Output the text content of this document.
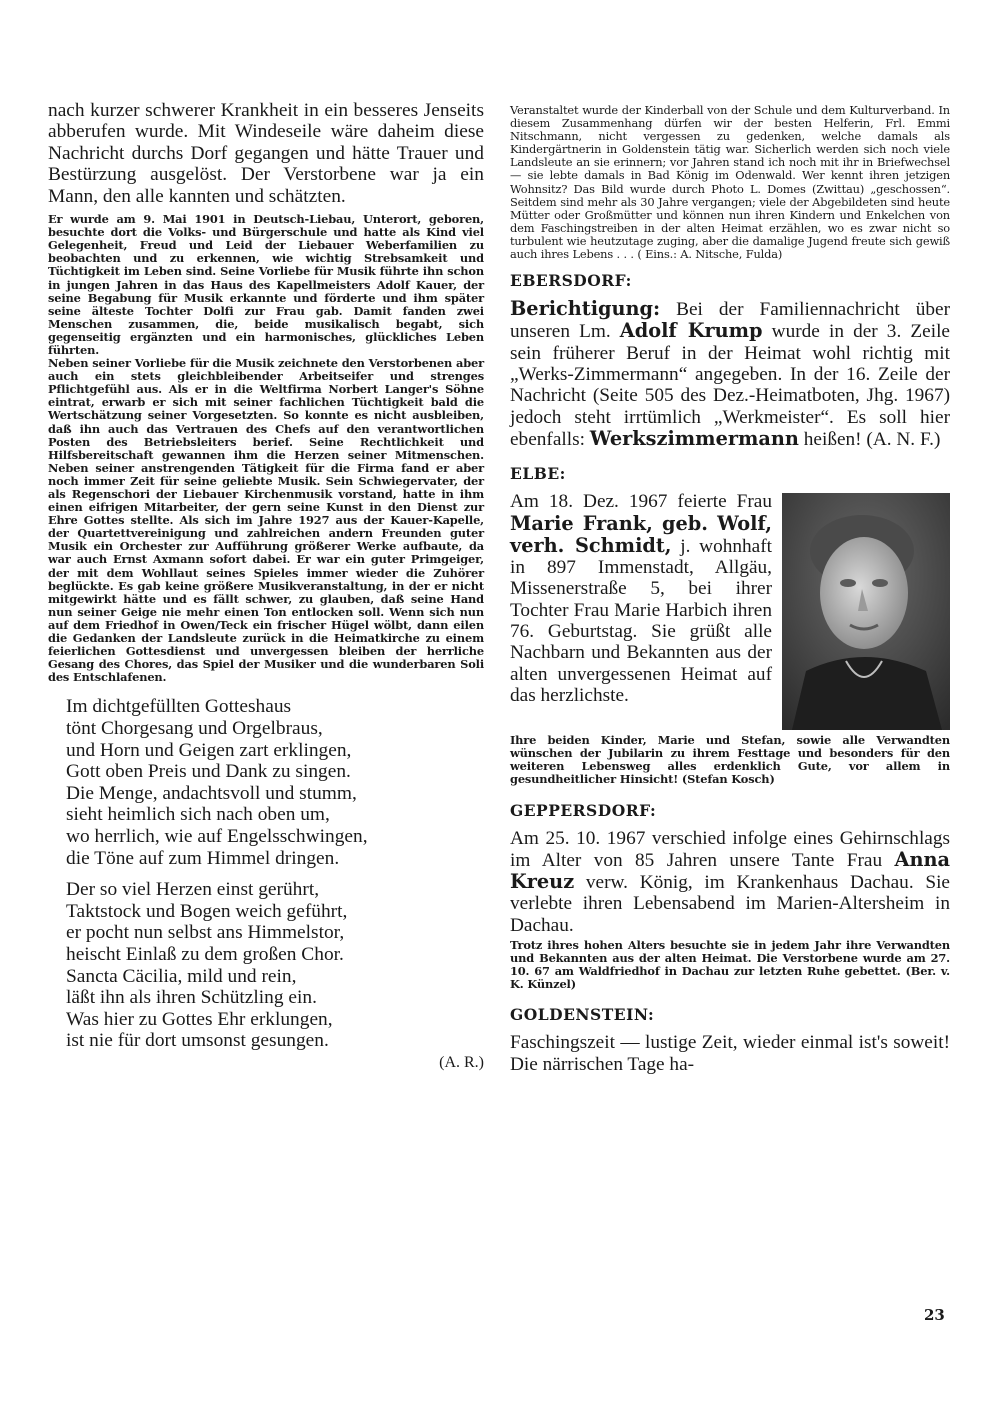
nach kurzer schwerer Krankheit in ein besseres Jenseits abberufen wurde. Mit Windeseile wäre daheim diese Nachricht durchs Dorf gegangen und hätte Trauer und Bestürzung ausgelöst. Der Verstorbene war ja ein Mann, den alle kannten und schätzten.

Er wurde am 9. Mai 1901 in Deutsch-Liebau, Unterort, geboren, besuchte dort die Volks- und Bürgerschule und hatte als Kind viel Gelegenheit, Freud und Leid der Liebauer Weberfamilien zu beobachten und zu erkennen, wie wichtig Strebsamkeit und Tüchtigkeit im Leben sind. Seine Vorliebe für Musik führte ihn schon in jungen Jahren in das Haus des Kapellmeisters Adolf Kauer, der seine Begabung für Musik erkannte und förderte und ihm später seine älteste Tochter Dolfi zur Frau gab. Damit fanden zwei Menschen zusammen, die, beide musikalisch begabt, sich gegenseitig ergänzten und ein harmonisches, glückliches Leben führten.

Neben seiner Vorliebe für die Musik zeichnete den Verstorbenen aber auch ein stets gleichbleibender Arbeitseifer und strenges Pflichtgefühl aus. Als er in die Weltfirma Norbert Langer's Söhne eintrat, erwarb er sich mit seiner fachlichen Tüchtigkeit bald die Wertschätzung seiner Vorgesetzten. So konnte es nicht ausbleiben, daß ihn auch das Vertrauen des Chefs auf den verantwortlichen Posten des Betriebsleiters berief. Seine Rechtlichkeit und Hilfsbereitschaft gewannen ihm die Herzen seiner Mitmenschen. Neben seiner anstrengenden Tätigkeit für die Firma fand er aber noch immer Zeit für seine geliebte Musik. Sein Schwiegervater, der als Regenschori der Liebauer Kirchenmusik vorstand, hatte in ihm einen eifrigen Mitarbeiter, der gern seine Kunst in den Dienst zur Ehre Gottes stellte. Als sich im Jahre 1927 aus der Kauer-Kapelle, der Quartettvereinigung und zahlreichen andern Freunden guter Musik ein Orchester zur Aufführung größerer Werke aufbaute, da war auch Ernst Axmann sofort dabei. Er war ein guter Primgeiger, der mit dem Wohllaut seines Spieles immer wieder die Zuhörer beglückte. Es gab keine größere Musikveranstaltung, in der er nicht mitgewirkt hätte und es fällt schwer, zu glauben, daß seine Hand nun seiner Geige nie mehr einen Ton entlocken soll. Wenn sich nun auf dem Friedhof in Owen/Teck ein frischer Hügel wölbt, dann eilen die Gedanken der Landsleute zurück in die Heimatkirche zu einem feierlichen Gottesdienst und unvergessen bleiben der herrliche Gesang des Chores, das Spiel der Musiker und die wunderbaren Soli des Entschlafenen.

Im dichtgefüllten Gotteshaus
tönt Chorgesang und Orgelbraus,
und Horn und Geigen zart erklingen,
Gott oben Preis und Dank zu singen.
Die Menge, andachtsvoll und stumm,
sieht heimlich sich nach oben um,
wo herrlich, wie auf Engelsschwingen,
die Töne auf zum Himmel dringen.
Der so viel Herzen einst gerührt,
Taktstock und Bogen weich geführt,
er pocht nun selbst ans Himmelstor,
heischt Einlaß zu dem großen Chor.
Sancta Cäcilia, mild und rein,
läßt ihn als ihren Schützling ein.
Was hier zu Gottes Ehr erklungen,
ist nie für dort umsonst gesungen.
(A. R.)

Veranstaltet wurde der Kinderball von der Schule und dem Kulturverband. In diesem Zusammenhang dürfen wir der besten Helferin, Frl. Emmi Nitschmann, nicht vergessen zu gedenken, welche damals als Kindergärtnerin in Goldenstein tätig war. Sicherlich werden sich noch viele Landsleute an sie erinnern; vor Jahren stand ich noch mit ihr in Briefwechsel — sie lebte damals in Bad König im Odenwald. Wer kennt ihren jetzigen Wohnsitz? Das Bild wurde durch Photo L. Domes (Zwittau) „geschossen“. Seitdem sind mehr als 30 Jahre vergangen; viele der Abgebildeten sind heute Mütter oder Großmütter und können nun ihren Kindern und Enkelchen von dem Faschingstreiben in der alten Heimat erzählen, wo es zwar nicht so turbulent wie heutzutage zuging, aber die damalige Jugend freute sich gewiß auch ihres Lebens . . . ( Eins.: A. Nitsche, Fulda)

EBERSDORF:

Berichtigung: Bei der Familiennachricht über unseren Lm. Adolf Krump wurde in der 3. Zeile sein früherer Beruf in der Heimat wohl richtig mit „Werks-Zimmermann“ angegeben. In der 16. Zeile der Nachricht (Seite 505 des Dez.-Heimatboten, Jhg. 1967) jedoch steht irrtümlich „Werkmeister“. Es soll hier ebenfalls: Werkszimmermann heißen! (A. N. F.)

ELBE:

Am 18. Dez. 1967 feierte Frau Marie Frank, geb. Wolf, verh. Schmidt, j. wohnhaft in 897 Immenstadt, Allgäu, Missenerstraße 5, bei ihrer Tochter Frau Marie Harbich ihren 76. Geburtstag. Sie grüßt alle Nachbarn und Bekannten aus der alten unvergessenen Heimat auf das herzlichste.

Ihre beiden Kinder, Marie und Stefan, sowie alle Verwandten wünschen der Jubilarin zu ihrem Festtage und besonders für den weiteren Lebensweg alles erdenklich Gute, vor allem in gesundheitlicher Hinsicht! (Stefan Kosch)

GEPPERSDORF:

Am 25. 10. 1967 verschied infolge eines Gehirnschlags im Alter von 85 Jahren unsere Tante Frau Anna Kreuz verw. König, im Krankenhaus Dachau. Sie verlebte ihren Lebensabend im Marien-Altersheim in Dachau.

Trotz ihres hohen Alters besuchte sie in jedem Jahr ihre Verwandten und Bekannten aus der alten Heimat. Die Verstorbene wurde am 27. 10. 67 am Waldfriedhof in Dachau zur letzten Ruhe gebettet. (Ber. v. K. Künzel)

GOLDENSTEIN:

Faschingszeit — lustige Zeit, wieder einmal ist's soweit! Die närrischen Tage ha-

23
